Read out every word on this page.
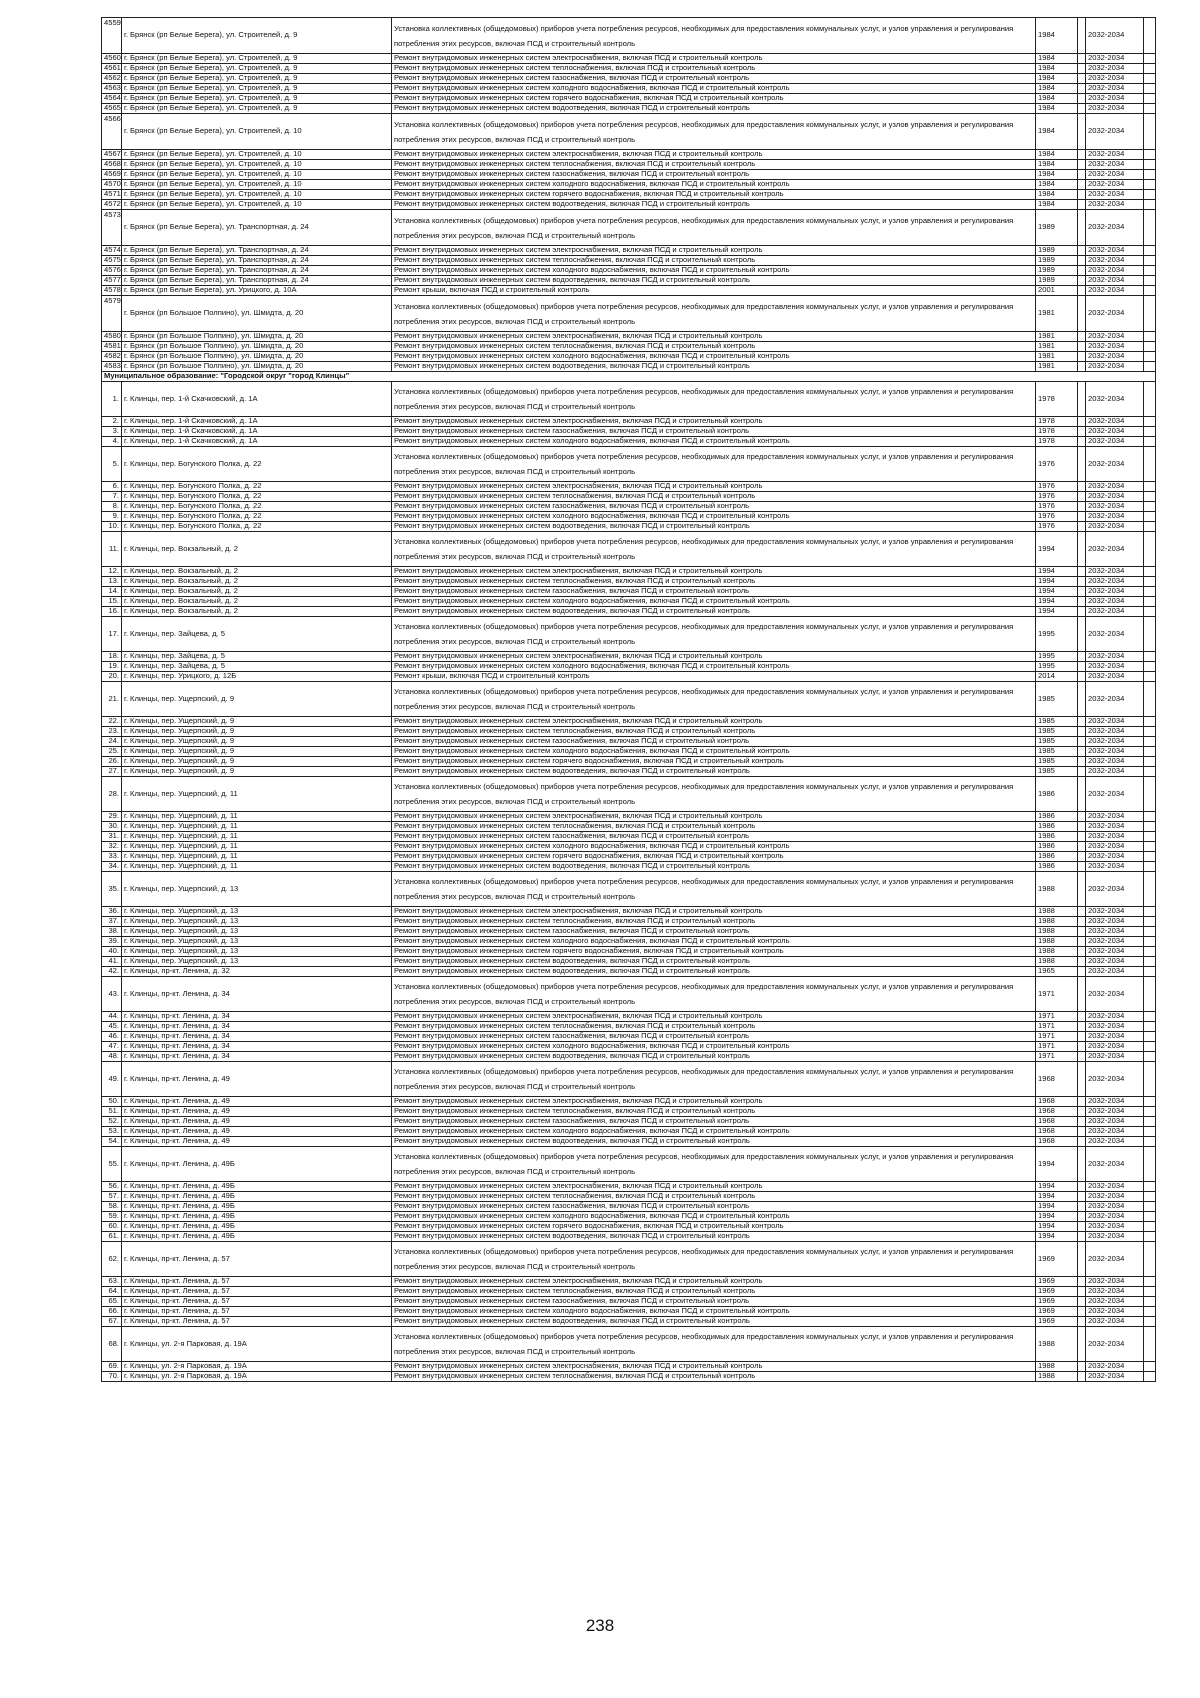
4559	г. Брянск (рп Белые Берега), ул. Строителей, д. 9	Установка коллективных (общедомовых) приборов учета потребления ресурсов, необходимых для предоставления коммунальных услуг, и узлов управления и регулирования потребления этих ресурсов, включая ПСД и строительный контроль	1984		2032-2034	
4560	г. Брянск (рп Белые Берега), ул. Строителей, д. 9	Ремонт внутридомовых инженерных систем электроснабжения, включая ПСД и строительный контроль	1984		2032-2034	
4561	г. Брянск (рп Белые Берега), ул. Строителей, д. 9	Ремонт внутридомовых инженерных систем теплоснабжения, включая ПСД и строительный контроль	1984		2032-2034	
4562	г. Брянск (рп Белые Берега), ул. Строителей, д. 9	Ремонт внутридомовых инженерных систем газоснабжения, включая ПСД и строительный контроль	1984		2032-2034	
4563	г. Брянск (рп Белые Берега), ул. Строителей, д. 9	Ремонт внутридомовых инженерных систем холодного водоснабжения, включая ПСД и строительный контроль	1984		2032-2034	
4564	г. Брянск (рп Белые Берега), ул. Строителей, д. 9	Ремонт внутридомовых инженерных систем горячего водоснабжения, включая ПСД и строительный контроль	1984		2032-2034	
4565	г. Брянск (рп Белые Берега), ул. Строителей, д. 9	Ремонт внутридомовых инженерных систем водоотведения, включая ПСД и строительный контроль	1984		2032-2034	
4566	г. Брянск (рп Белые Берега), ул. Строителей, д. 10	Установка коллективных (общедомовых) приборов учета потребления ресурсов, необходимых для предоставления коммунальных услуг, и узлов управления и регулирования потребления этих ресурсов, включая ПСД и строительный контроль	1984		2032-2034	
4567	г. Брянск (рп Белые Берега), ул. Строителей, д. 10	Ремонт внутридомовых инженерных систем электроснабжения, включая ПСД и строительный контроль	1984		2032-2034	
4568	г. Брянск (рп Белые Берега), ул. Строителей, д. 10	Ремонт внутридомовых инженерных систем теплоснабжения, включая ПСД и строительный контроль	1984		2032-2034	
4569	г. Брянск (рп Белые Берега), ул. Строителей, д. 10	Ремонт внутридомовых инженерных систем газоснабжения, включая ПСД и строительный контроль	1984		2032-2034	
4570	г. Брянск (рп Белые Берега), ул. Строителей, д. 10	Ремонт внутридомовых инженерных систем холодного водоснабжения, включая ПСД и строительный контроль	1984		2032-2034	
4571	г. Брянск (рп Белые Берега), ул. Строителей, д. 10	Ремонт внутридомовых инженерных систем горячего водоснабжения, включая ПСД и строительный контроль	1984		2032-2034	
4572	г. Брянск (рп Белые Берега), ул. Строителей, д. 10	Ремонт внутридомовых инженерных систем водоотведения, включая ПСД и строительный контроль	1984		2032-2034	
4573	г. Брянск (рп Белые Берега), ул. Транспортная, д. 24	Установка коллективных (общедомовых) приборов учета потребления ресурсов, необходимых для предоставления коммунальных услуг, и узлов управления и регулирования потребления этих ресурсов, включая ПСД и строительный контроль	1989		2032-2034	
4574	г. Брянск (рп Белые Берега), ул. Транспортная, д. 24	Ремонт внутридомовых инженерных систем электроснабжения, включая ПСД и строительный контроль	1989		2032-2034	
4575	г. Брянск (рп Белые Берега), ул. Транспортная, д. 24	Ремонт внутридомовых инженерных систем теплоснабжения, включая ПСД и строительный контроль	1989		2032-2034	
4576	г. Брянск (рп Белые Берега), ул. Транспортная, д. 24	Ремонт внутридомовых инженерных систем холодного водоснабжения, включая ПСД и строительный контроль	1989		2032-2034	
4577	г. Брянск (рп Белые Берега), ул. Транспортная, д. 24	Ремонт внутридомовых инженерных систем водоотведения, включая ПСД и строительный контроль	1989		2032-2034	
4578	г. Брянск (рп Белые Берега), ул. Урицкого, д. 10А	Ремонт крыши, включая ПСД и строительный контроль	2001		2032-2034	
4579	г. Брянск (рп Большое Полпино), ул. Шмидта, д. 20	Установка коллективных (общедомовых) приборов учета потребления ресурсов, необходимых для предоставления коммунальных услуг, и узлов управления и регулирования потребления этих ресурсов, включая ПСД и строительный контроль	1981		2032-2034	
4580	г. Брянск (рп Большое Полпино), ул. Шмидта, д. 20	Ремонт внутридомовых инженерных систем электроснабжения, включая ПСД и строительный контроль	1981		2032-2034	
4581	г. Брянск (рп Большое Полпино), ул. Шмидта, д. 20	Ремонт внутридомовых инженерных систем теплоснабжения, включая ПСД и строительный контроль	1981		2032-2034	
4582	г. Брянск (рп Большое Полпино), ул. Шмидта, д. 20	Ремонт внутридомовых инженерных систем холодного водоснабжения, включая ПСД и строительный контроль	1981		2032-2034	
4583	г. Брянск (рп Большое Полпино), ул. Шмидта, д. 20	Ремонт внутридомовых инженерных систем водоотведения, включая ПСД и строительный контроль	1981		2032-2034	
Муниципальное образование: "Городской округ "город Клинцы"						
1.	г. Клинцы, пер. 1-й Скачковский, д. 1А	Установка коллективных (общедомовых) приборов учета потребления ресурсов, необходимых для предоставления коммунальных услуг, и узлов управления и регулирования потребления этих ресурсов, включая ПСД и строительный контроль	1978		2032-2034	
2.	г. Клинцы, пер. 1-й Скачковский, д. 1А	Ремонт внутридомовых инженерных систем электроснабжения, включая ПСД и строительный контроль	1978		2032-2034	
3.	г. Клинцы, пер. 1-й Скачковский, д. 1А	Ремонт внутридомовых инженерных систем газоснабжения, включая ПСД и строительный контроль	1978		2032-2034	
4.	г. Клинцы, пер. 1-й Скачковский, д. 1А	Ремонт внутридомовых инженерных систем холодного водоснабжения, включая ПСД и строительный контроль	1978		2032-2034	
5.	г. Клинцы, пер. Богунского Полка, д. 22	Установка коллективных (общедомовых) приборов учета потребления ресурсов, необходимых для предоставления коммунальных услуг, и узлов управления и регулирования потребления этих ресурсов, включая ПСД и строительный контроль	1976		2032-2034	
6.	г. Клинцы, пер. Богунского Полка, д. 22	Ремонт внутридомовых инженерных систем электроснабжения, включая ПСД и строительный контроль	1976		2032-2034	
7.	г. Клинцы, пер. Богунского Полка, д. 22	Ремонт внутридомовых инженерных систем теплоснабжения, включая ПСД и строительный контроль	1976		2032-2034	
8.	г. Клинцы, пер. Богунского Полка, д. 22	Ремонт внутридомовых инженерных систем газоснабжения, включая ПСД и строительный контроль	1976		2032-2034	
9.	г. Клинцы, пер. Богунского Полка, д. 22	Ремонт внутридомовых инженерных систем холодного водоснабжения, включая ПСД и строительный контроль	1976		2032-2034	
10.	г. Клинцы, пер. Богунского Полка, д. 22	Ремонт внутридомовых инженерных систем водоотведения, включая ПСД и строительный контроль	1976		2032-2034	
11.	г. Клинцы, пер. Вокзальный, д. 2	Установка коллективных (общедомовых) приборов учета потребления ресурсов, необходимых для предоставления коммунальных услуг, и узлов управления и регулирования потребления этих ресурсов, включая ПСД и строительный контроль	1994		2032-2034	
12.	г. Клинцы, пер. Вокзальный, д. 2	Ремонт внутридомовых инженерных систем электроснабжения, включая ПСД и строительный контроль	1994		2032-2034	
13.	г. Клинцы, пер. Вокзальный, д. 2	Ремонт внутридомовых инженерных систем теплоснабжения, включая ПСД и строительный контроль	1994		2032-2034	
14.	г. Клинцы, пер. Вокзальный, д. 2	Ремонт внутридомовых инженерных систем газоснабжения, включая ПСД и строительный контроль	1994		2032-2034	
15.	г. Клинцы, пер. Вокзальный, д. 2	Ремонт внутридомовых инженерных систем холодного водоснабжения, включая ПСД и строительный контроль	1994		2032-2034	
16.	г. Клинцы, пер. Вокзальный, д. 2	Ремонт внутридомовых инженерных систем водоотведения, включая ПСД и строительный контроль	1994		2032-2034	
17.	г. Клинцы, пер. Зайцева, д. 5	Установка коллективных (общедомовых) приборов учета потребления ресурсов, необходимых для предоставления коммунальных услуг, и узлов управления и регулирования потребления этих ресурсов, включая ПСД и строительный контроль	1995		2032-2034	
18.	г. Клинцы, пер. Зайцева, д. 5	Ремонт внутридомовых инженерных систем электроснабжения, включая ПСД и строительный контроль	1995		2032-2034	
19.	г. Клинцы, пер. Зайцева, д. 5	Ремонт внутридомовых инженерных систем холодного водоснабжения, включая ПСД и строительный контроль	1995		2032-2034	
20.	г. Клинцы, пер. Урицкого, д. 12Б	Ремонт крыши, включая ПСД и строительный контроль	2014		2032-2034	
21.	г. Клинцы, пер. Ущерпский, д. 9	Установка коллективных (общедомовых) приборов учета потребления ресурсов, необходимых для предоставления коммунальных услуг, и узлов управления и регулирования потребления этих ресурсов, включая ПСД и строительный контроль	1985		2032-2034	
22.	г. Клинцы, пер. Ущерпский, д. 9	Ремонт внутридомовых инженерных систем электроснабжения, включая ПСД и строительный контроль	1985		2032-2034	
23.	г. Клинцы, пер. Ущерпский, д. 9	Ремонт внутридомовых инженерных систем теплоснабжения, включая ПСД и строительный контроль	1985		2032-2034	
24.	г. Клинцы, пер. Ущерпский, д. 9	Ремонт внутридомовых инженерных систем газоснабжения, включая ПСД и строительный контроль	1985		2032-2034	
25.	г. Клинцы, пер. Ущерпский, д. 9	Ремонт внутридомовых инженерных систем холодного водоснабжения, включая ПСД и строительный контроль	1985		2032-2034	
26.	г. Клинцы, пер. Ущерпский, д. 9	Ремонт внутридомовых инженерных систем горячего водоснабжения, включая ПСД и строительный контроль	1985		2032-2034	
27.	г. Клинцы, пер. Ущерпский, д. 9	Ремонт внутридомовых инженерных систем водоотведения, включая ПСД и строительный контроль	1985		2032-2034	
28.	г. Клинцы, пер. Ущерпский, д. 11	Установка коллективных (общедомовых) приборов учета потребления ресурсов, необходимых для предоставления коммунальных услуг, и узлов управления и регулирования потребления этих ресурсов, включая ПСД и строительный контроль	1986		2032-2034	
29.	г. Клинцы, пер. Ущерпский, д. 11	Ремонт внутридомовых инженерных систем электроснабжения, включая ПСД и строительный контроль	1986		2032-2034	
30.	г. Клинцы, пер. Ущерпский, д. 11	Ремонт внутридомовых инженерных систем теплоснабжения, включая ПСД и строительный контроль	1986		2032-2034	
31.	г. Клинцы, пер. Ущерпский, д. 11	Ремонт внутридомовых инженерных систем газоснабжения, включая ПСД и строительный контроль	1986		2032-2034	
32.	г. Клинцы, пер. Ущерпский, д. 11	Ремонт внутридомовых инженерных систем холодного водоснабжения, включая ПСД и строительный контроль	1986		2032-2034	
33.	г. Клинцы, пер. Ущерпский, д. 11	Ремонт внутридомовых инженерных систем горячего водоснабжения, включая ПСД и строительный контроль	1986		2032-2034	
34.	г. Клинцы, пер. Ущерпский, д. 11	Ремонт внутридомовых инженерных систем водоотведения, включая ПСД и строительный контроль	1986		2032-2034	
35.	г. Клинцы, пер. Ущерпский, д. 13	Установка коллективных (общедомовых) приборов учета потребления ресурсов, необходимых для предоставления коммунальных услуг, и узлов управления и регулирования потребления этих ресурсов, включая ПСД и строительный контроль	1988		2032-2034	
36.	г. Клинцы, пер. Ущерпский, д. 13	Ремонт внутридомовых инженерных систем электроснабжения, включая ПСД и строительный контроль	1988		2032-2034	
37.	г. Клинцы, пер. Ущерпский, д. 13	Ремонт внутридомовых инженерных систем теплоснабжения, включая ПСД и строительный контроль	1988		2032-2034	
38.	г. Клинцы, пер. Ущерпский, д. 13	Ремонт внутридомовых инженерных систем газоснабжения, включая ПСД и строительный контроль	1988		2032-2034	
39.	г. Клинцы, пер. Ущерпский, д. 13	Ремонт внутридомовых инженерных систем холодного водоснабжения, включая ПСД и строительный контроль	1988		2032-2034	
40.	г. Клинцы, пер. Ущерпский, д. 13	Ремонт внутридомовых инженерных систем горячего водоснабжения, включая ПСД и строительный контроль	1988		2032-2034	
41.	г. Клинцы, пер. Ущерпский, д. 13	Ремонт внутридомовых инженерных систем водоотведения, включая ПСД и строительный контроль	1988		2032-2034	
42.	г. Клинцы, пр-кт. Ленина, д. 32	Ремонт внутридомовых инженерных систем водоотведения, включая ПСД и строительный контроль	1965		2032-2034	
43.	г. Клинцы, пр-кт. Ленина, д. 34	Установка коллективных (общедомовых) приборов учета потребления ресурсов, необходимых для предоставления коммунальных услуг, и узлов управления и регулирования потребления этих ресурсов, включая ПСД и строительный контроль	1971		2032-2034	
44.	г. Клинцы, пр-кт. Ленина, д. 34	Ремонт внутридомовых инженерных систем электроснабжения, включая ПСД и строительный контроль	1971		2032-2034	
45.	г. Клинцы, пр-кт. Ленина, д. 34	Ремонт внутридомовых инженерных систем теплоснабжения, включая ПСД и строительный контроль	1971		2032-2034	
46.	г. Клинцы, пр-кт. Ленина, д. 34	Ремонт внутридомовых инженерных систем газоснабжения, включая ПСД и строительный контроль	1971		2032-2034	
47.	г. Клинцы, пр-кт. Ленина, д. 34	Ремонт внутридомовых инженерных систем холодного водоснабжения, включая ПСД и строительный контроль	1971		2032-2034	
48.	г. Клинцы, пр-кт. Ленина, д. 34	Ремонт внутридомовых инженерных систем водоотведения, включая ПСД и строительный контроль	1971		2032-2034	
49.	г. Клинцы, пр-кт. Ленина, д. 49	Установка коллективных (общедомовых) приборов учета потребления ресурсов, необходимых для предоставления коммунальных услуг, и узлов управления и регулирования потребления этих ресурсов, включая ПСД и строительный контроль	1968		2032-2034	
50.	г. Клинцы, пр-кт. Ленина, д. 49	Ремонт внутридомовых инженерных систем электроснабжения, включая ПСД и строительный контроль	1968		2032-2034	
51.	г. Клинцы, пр-кт. Ленина, д. 49	Ремонт внутридомовых инженерных систем теплоснабжения, включая ПСД и строительный контроль	1968		2032-2034	
52.	г. Клинцы, пр-кт. Ленина, д. 49	Ремонт внутридомовых инженерных систем газоснабжения, включая ПСД и строительный контроль	1968		2032-2034	
53.	г. Клинцы, пр-кт. Ленина, д. 49	Ремонт внутридомовых инженерных систем холодного водоснабжения, включая ПСД и строительный контроль	1968		2032-2034	
54.	г. Клинцы, пр-кт. Ленина, д. 49	Ремонт внутридомовых инженерных систем водоотведения, включая ПСД и строительный контроль	1968		2032-2034	
55.	г. Клинцы, пр-кт. Ленина, д. 49Б	Установка коллективных (общедомовых) приборов учета потребления ресурсов, необходимых для предоставления коммунальных услуг, и узлов управления и регулирования потребления этих ресурсов, включая ПСД и строительный контроль	1994		2032-2034	
56.	г. Клинцы, пр-кт. Ленина, д. 49Б	Ремонт внутридомовых инженерных систем электроснабжения, включая ПСД и строительный контроль	1994		2032-2034	
57.	г. Клинцы, пр-кт. Ленина, д. 49Б	Ремонт внутридомовых инженерных систем теплоснабжения, включая ПСД и строительный контроль	1994		2032-2034	
58.	г. Клинцы, пр-кт. Ленина, д. 49Б	Ремонт внутридомовых инженерных систем газоснабжения, включая ПСД и строительный контроль	1994		2032-2034	
59.	г. Клинцы, пр-кт. Ленина, д. 49Б	Ремонт внутридомовых инженерных систем холодного водоснабжения, включая ПСД и строительный контроль	1994		2032-2034	
60.	г. Клинцы, пр-кт. Ленина, д. 49Б	Ремонт внутридомовых инженерных систем горячего водоснабжения, включая ПСД и строительный контроль	1994		2032-2034	
61.	г. Клинцы, пр-кт. Ленина, д. 49Б	Ремонт внутридомовых инженерных систем водоотведения, включая ПСД и строительный контроль	1994		2032-2034	
62.	г. Клинцы, пр-кт. Ленина, д. 57	Установка коллективных (общедомовых) приборов учета потребления ресурсов, необходимых для предоставления коммунальных услуг, и узлов управления и регулирования потребления этих ресурсов, включая ПСД и строительный контроль	1969		2032-2034	
63.	г. Клинцы, пр-кт. Ленина, д. 57	Ремонт внутридомовых инженерных систем электроснабжения, включая ПСД и строительный контроль	1969		2032-2034	
64.	г. Клинцы, пр-кт. Ленина, д. 57	Ремонт внутридомовых инженерных систем теплоснабжения, включая ПСД и строительный контроль	1969		2032-2034	
65.	г. Клинцы, пр-кт. Ленина, д. 57	Ремонт внутридомовых инженерных систем газоснабжения, включая ПСД и строительный контроль	1969		2032-2034	
66.	г. Клинцы, пр-кт. Ленина, д. 57	Ремонт внутридомовых инженерных систем холодного водоснабжения, включая ПСД и строительный контроль	1969		2032-2034	
67.	г. Клинцы, пр-кт. Ленина, д. 57	Ремонт внутридомовых инженерных систем водоотведения, включая ПСД и строительный контроль	1969		2032-2034	
68.	г. Клинцы, ул. 2-я Парковая, д. 19А	Установка коллективных (общедомовых) приборов учета потребления ресурсов, необходимых для предоставления коммунальных услуг, и узлов управления и регулирования потребления этих ресурсов, включая ПСД и строительный контроль	1988		2032-2034	
69.	г. Клинцы, ул. 2-я Парковая, д. 19А	Ремонт внутридомовых инженерных систем электроснабжения, включая ПСД и строительный контроль	1988		2032-2034	
70.	г. Клинцы, ул. 2-я Парковая, д. 19А	Ремонт внутридомовых инженерных систем теплоснабжения, включая ПСД и строительный контроль	1988		2032-2034	
238
